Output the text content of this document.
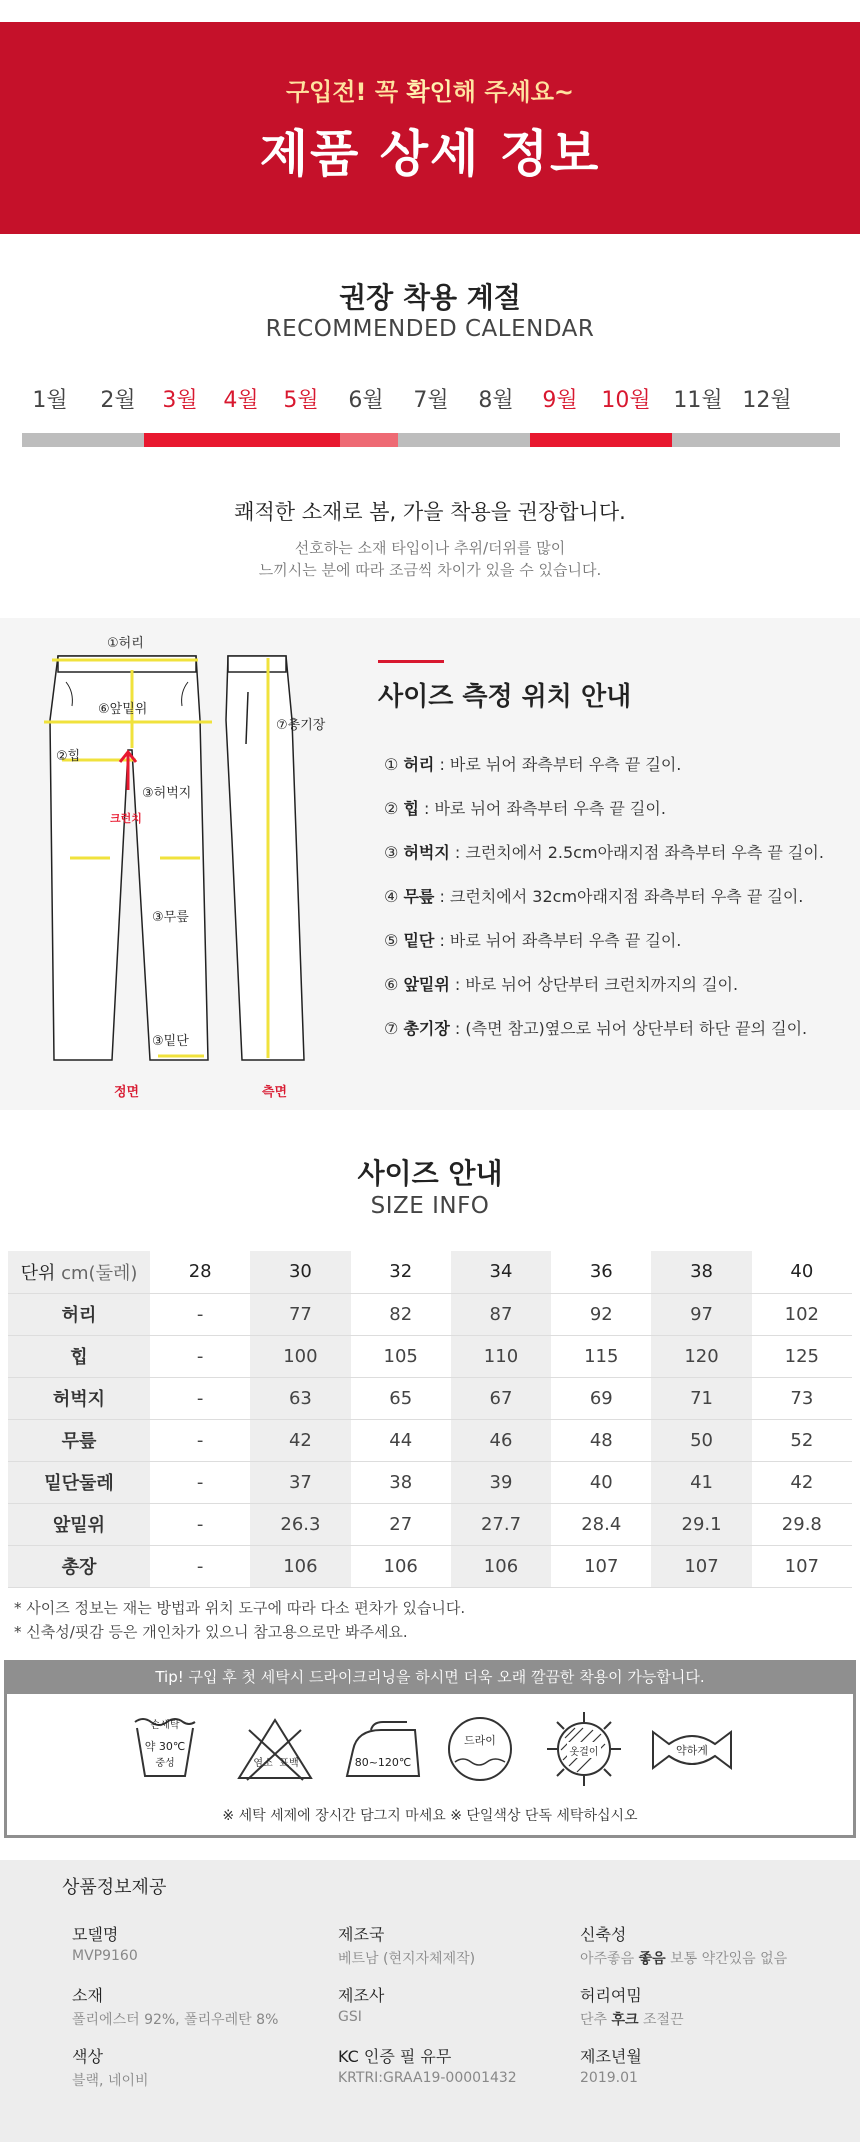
구입전! 꼭 확인해 주세요~
제품 상세 정보
권장 착용 계절
RECOMMENDED CALENDAR
1월	2월	3월	4월	5월	6월	7월	8월	9월	10월 11월 12월
쾌적한 소재로 봄, 가을 착용을 권장합니다.
선호하는 소재 타입이나 추위/더위를 많이
느끼시는 분에 따라 조금씩 차이가 있을 수 있습니다.
①허리
⑥앞밑위
②힙
③허벅지
크런치
③무릎
③밑단
⑦총기장
정면	측면
사이즈 측정 위치 안내
① 허리 : 바로 뉘어 좌측부터 우측 끝 길이.
② 힙 : 바로 뉘어 좌측부터 우측 끝 길이.
③ 허벅지 : 크런치에서 2.5cm아래지점 좌측부터 우측 끝 길이.
④ 무릎 : 크런치에서 32cm아래지점 좌측부터 우측 끝 길이.
⑤ 밑단 : 바로 뉘어 좌측부터 우측 끝 길이.
⑥ 앞밑위 : 바로 뉘어 상단부터 크런치까지의 길이.
⑦ 총기장 : (측면 참고)옆으로 뉘어 상단부터 하단 끝의 길이.
사이즈 안내
SIZE INFO
단위 cm(둘레)	28	30	32	34	36	38	40
허리	-	77	82	87	92	97	102
힙	-	100	105	110	115	120	125
허벅지	-	63	65	67	69	71	73
무릎	-	42	44	46	48	50	52
밑단둘레	-	37	38	39	40	41	42
앞밑위	-	26.3	27	27.7	28.4	29.1	29.8
총장	-	106	106	106	107	107	107
* 사이즈 정보는 재는 방법과 위치 도구에 따라 다소 편차가 있습니다.
* 신축성/핏감 등은 개인차가 있으니 참고용으로만 봐주세요.
Tip! 구입 후 첫 세탁시 드라이크리닝을 하시면 더욱 오래 깔끔한 착용이 가능합니다.
손세탁
약 30℃
중성	염소 표백	80~120℃
드라이
옷걸이	약하게
※ 세탁 세제에 장시간 담그지 마세요 ※ 단일색상 단독 세탁하십시오
상품정보제공
모델명
MVP9160
소재
폴리에스터 92%, 폴리우레탄 8%
색상
블랙, 네이비
제조국
베트남 (현지자체제작)
제조사
GSI
KC 인증 필 유무
KRTRI:GRAA19-00001432
신축성
아주좋음 좋음 보통 약간있음 없음
허리여밈
단추 후크 조절끈
제조년월
2019.01
